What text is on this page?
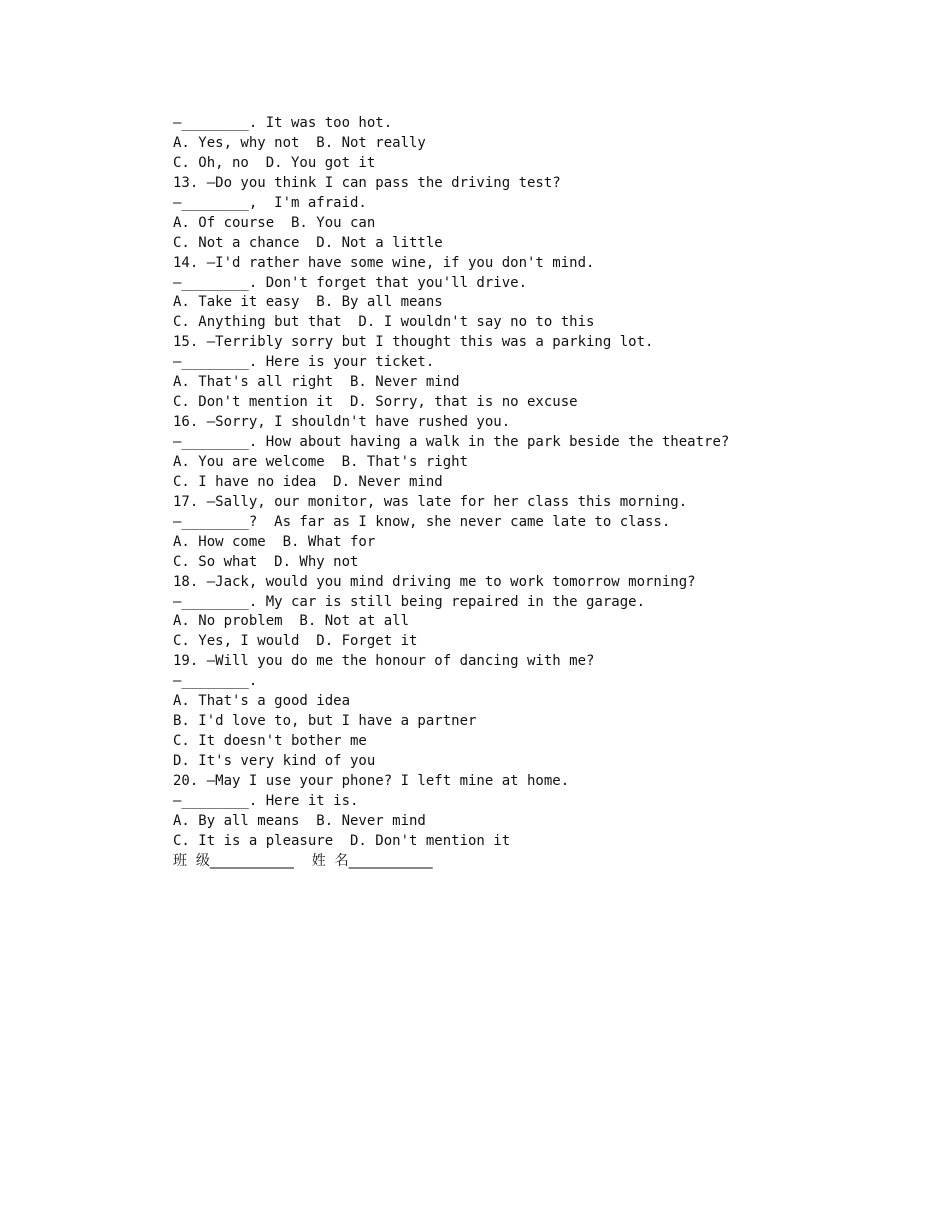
—________. It was too hot.
A. Yes, why not  B. Not really
C. Oh, no  D. You got it
13. —Do you think I can pass the driving test?
—________,  I'm afraid.
A. Of course  B. You can
C. Not a chance  D. Not a little
14. —I'd rather have some wine, if you don't mind.
—________. Don't forget that you'll drive.
A. Take it easy  B. By all means
C. Anything but that  D. I wouldn't say no to this
15. —Terribly sorry but I thought this was a parking lot.
—________. Here is your ticket.
A. That's all right  B. Never mind
C. Don't mention it  D. Sorry, that is no excuse
16. —Sorry, I shouldn't have rushed you.
—________. How about having a walk in the park beside the theatre?
A. You are welcome  B. That's right
C. I have no idea  D. Never mind
17. —Sally, our monitor, was late for her class this morning.
—________?  As far as I know, she never came late to class.
A. How come  B. What for
C. So what  D. Why not
18. —Jack, would you mind driving me to work tomorrow morning?
—________. My car is still being repaired in the garage.
A. No problem  B. Not at all
C. Yes, I would  D. Forget it
19. —Will you do me the honour of dancing with me?
—________.
A. That's a good idea
B. I'd love to, but I have a partner
C. It doesn't bother me
D. It's very kind of you
20. —May I use your phone? I left mine at home.
—________. Here it is.
A. By all means  B. Never mind
C. It is a pleasure  D. Don't mention it
班  级____________    姓  名____________
